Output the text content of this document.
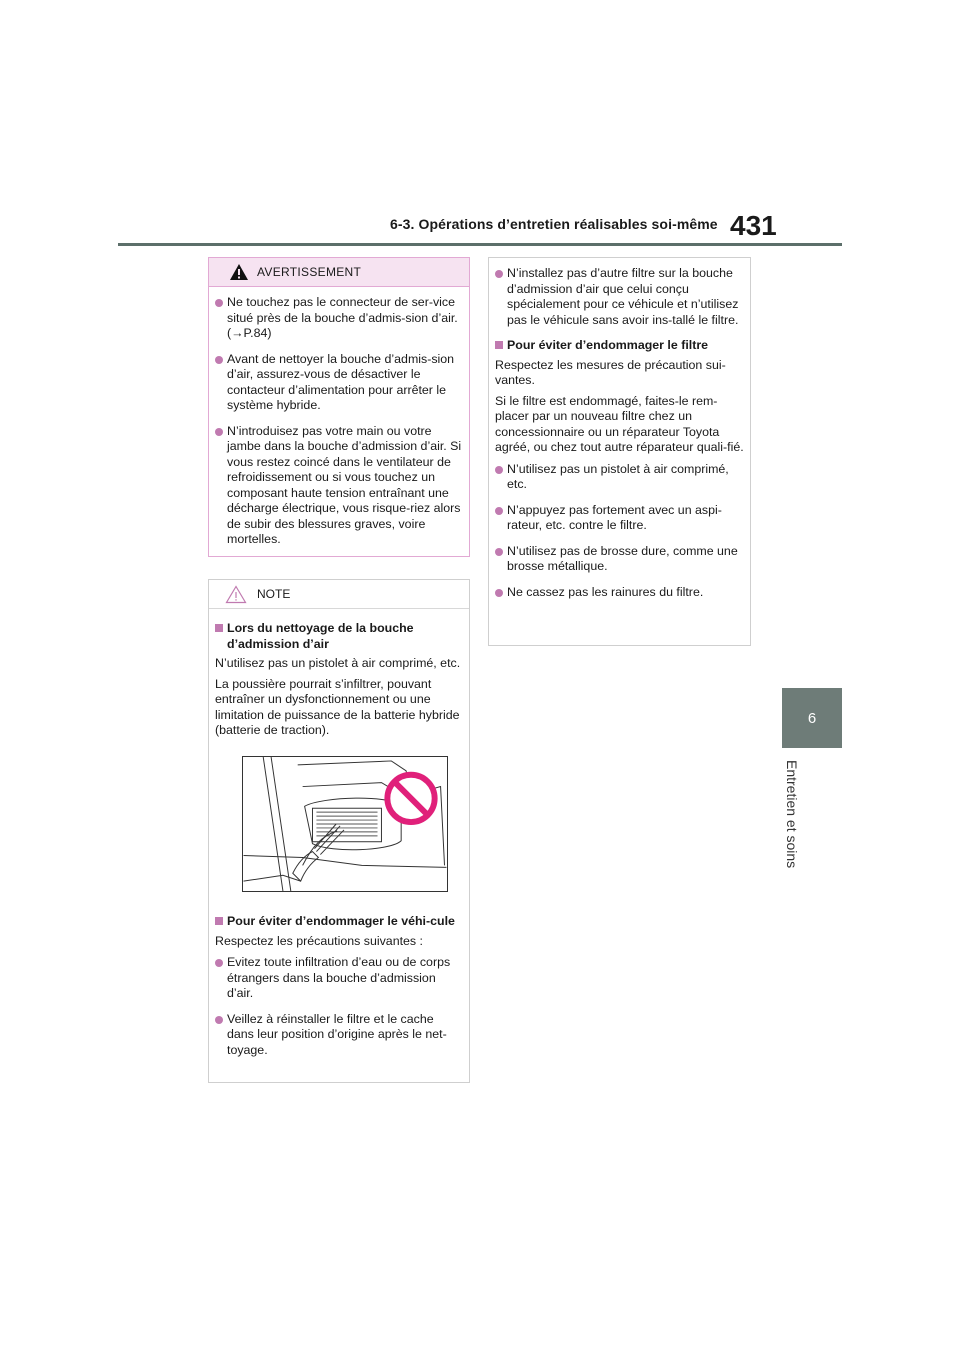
6-3. Opérations d’entretien réalisables soi-même 431
6
Entretien et soins
AVERTISSEMENT
Ne touchez pas le connecteur de ser-vice situé près de la bouche d’admis-sion d’air. (→P.84)
Avant de nettoyer la bouche d’admis-sion d’air, assurez-vous de désactiver le contacteur d’alimentation pour arrêter le système hybride.
N’introduisez pas votre main ou votre jambe dans la bouche d’admission d’air. Si vous restez coincé dans le ventilateur de refroidissement ou si vous touchez un composant haute tension entraînant une décharge électrique, vous risque-riez alors de subir des blessures graves, voire mortelles.
NOTE
Lors du nettoyage de la bouche d’admission d’air
N’utilisez pas un pistolet à air comprimé, etc.
La poussière pourrait s’infiltrer, pouvant entraîner un dysfonctionnement ou une limitation de puissance de la batterie hybride (batterie de traction).
Pour éviter d’endommager le véhi-cule
Respectez les précautions suivantes :
Evitez toute infiltration d’eau ou de corps étrangers dans la bouche d’admission d’air.
Veillez à réinstaller le filtre et le cache dans leur position d’origine après le net-toyage.
N’installez pas d’autre filtre sur la bouche d’admission d’air que celui conçu spécialement pour ce véhicule et n’utilisez pas le véhicule sans avoir ins-tallé le filtre.
Pour éviter d’endommager le filtre
Respectez les mesures de précaution sui-vantes.
Si le filtre est endommagé, faites-le rem-placer par un nouveau filtre chez un concessionnaire ou un réparateur Toyota agréé, ou chez tout autre réparateur quali-fié.
N’utilisez pas un pistolet à air comprimé, etc.
N’appuyez pas fortement avec un aspi-rateur, etc. contre le filtre.
N’utilisez pas de brosse dure, comme une brosse métallique.
Ne cassez pas les rainures du filtre.
